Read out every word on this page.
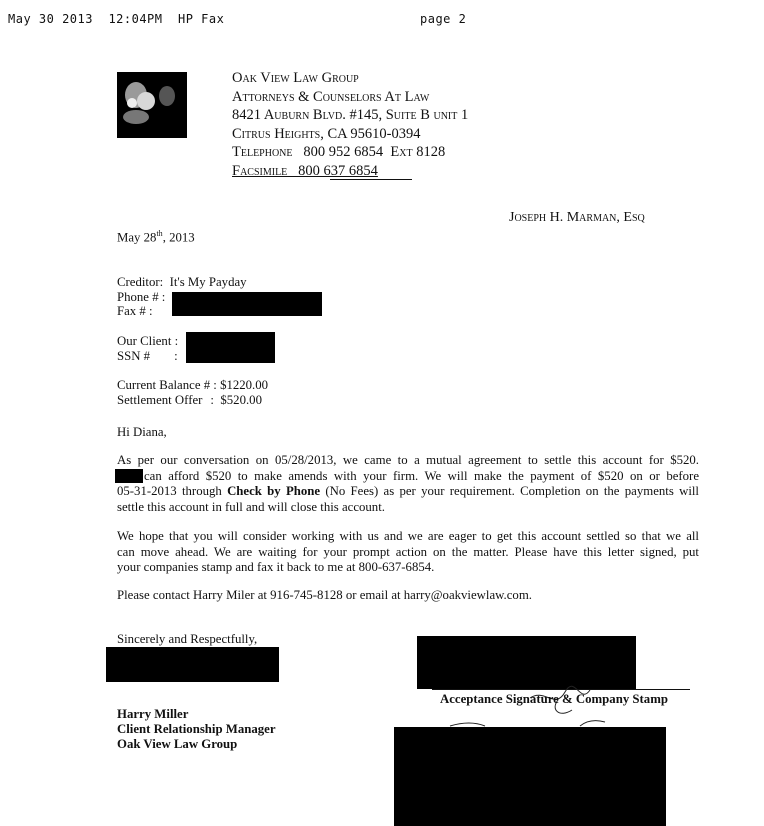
May 30 2013 12:04PM HP Fax	page 2
Oak View Law Group
Attorneys & Counselors At Law
8421 Auburn Blvd. #145, Suite B unit 1
Citrus Heights, CA 95610-0394
Telephone   800 952 6854  Ext 8128
Facsimile   800 637 6854
Joseph H. Marman, Esq
May 28th, 2013
Creditor: It's My Payday
Phone # :
Fax # :
Our Client :
SSN # :
Current Balance # : $1220.00
Settlement Offer : $520.00
Hi Diana,
As per our conversation on 05/28/2013, we came to a mutual agreement to settle this account for $520.
can afford $520 to make amends with your firm. We will make the payment of $520 on or before
05-31-2013 through Check by Phone (No Fees) as per your requirement. Completion on the payments will
settle this account in full and will close this account.
We hope that you will consider working with us and we are eager to get this account settled so that we all
can move ahead. We are waiting for your prompt action on the matter. Please have this letter signed, put
your companies stamp and fax it back to me at 800-637-6854.
Please contact Harry Miler at 916-745-8128 or email at harry@oakviewlaw.com.
Sincerely and Respectfully,
Harry Miller
Client Relationship Manager
Oak View Law Group
Acceptance Signature & Company Stamp
